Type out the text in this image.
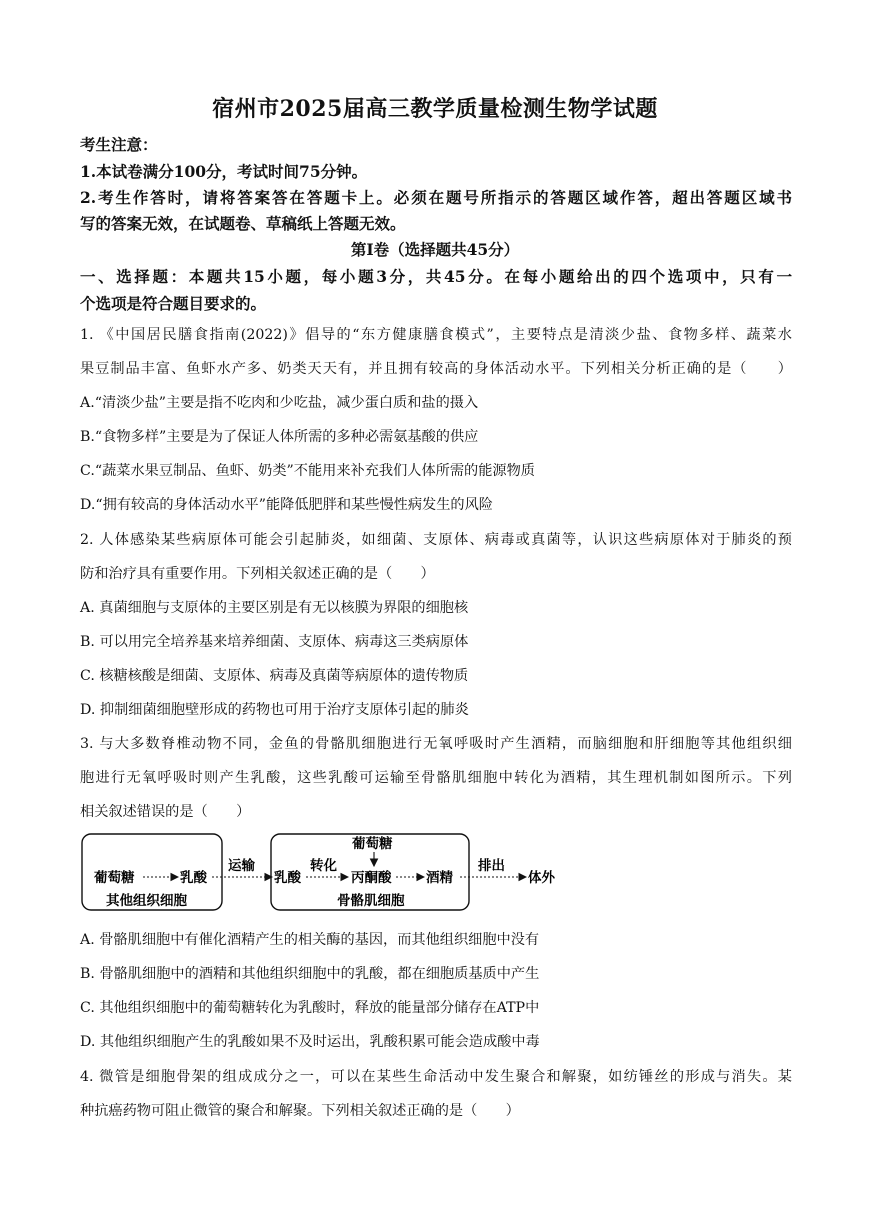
宿州市2025届高三教学质量检测生物学试题
考生注意：
1.本试卷满分100分，考试时间75分钟。
2.考生作答时，请将答案答在答题卡上。必须在题号所指示的答题区域作答，超出答题区域书
写的答案无效，在试题卷、草稿纸上答题无效。
第I卷（选择题共45分）
一、选择题：本题共15小题，每小题3分，共45分。在每小题给出的四个选项中，只有一
个选项是符合题目要求的。
1. 《中国居民膳食指南(2022)》倡导的“东方健康膳食模式”，主要特点是清淡少盐、食物多样、蔬菜水
果豆制品丰富、鱼虾水产多、奶类天天有，并且拥有较高的身体活动水平。下列相关分析正确的是（　　）
A.“清淡少盐”主要是指不吃肉和少吃盐，减少蛋白质和盐的摄入
B.“食物多样”主要是为了保证人体所需的多种必需氨基酸的供应
C.“蔬菜水果豆制品、鱼虾、奶类”不能用来补充我们人体所需的能源物质
D.“拥有较高的身体活动水平”能降低肥胖和某些慢性病发生的风险
2. 人体感染某些病原体可能会引起肺炎，如细菌、支原体、病毒或真菌等，认识这些病原体对于肺炎的预
防和治疗具有重要作用。下列相关叙述正确的是（　　）
A. 真菌细胞与支原体的主要区别是有无以核膜为界限的细胞核
B. 可以用完全培养基来培养细菌、支原体、病毒这三类病原体
C. 核糖核酸是细菌、支原体、病毒及真菌等病原体的遗传物质
D. 抑制细菌细胞壁形成的药物也可用于治疗支原体引起的肺炎
3. 与大多数脊椎动物不同，金鱼的骨骼肌细胞进行无氧呼吸时产生酒精，而脑细胞和肝细胞等其他组织细
胞进行无氧呼吸时则产生乳酸，这些乳酸可运输至骨骼肌细胞中转化为酒精，其生理机制如图所示。下列
相关叙述错误的是（　　）
葡萄糖	乳酸
其他组织细胞
运输
乳酸
转化
葡萄糖
丙酮酸	酒精
骨骼肌细胞
排出
体外
A. 骨骼肌细胞中有催化酒精产生的相关酶的基因，而其他组织细胞中没有
B. 骨骼肌细胞中的酒精和其他组织细胞中的乳酸，都在细胞质基质中产生
C. 其他组织细胞中的葡萄糖转化为乳酸时，释放的能量部分储存在ATP中
D. 其他组织细胞产生的乳酸如果不及时运出，乳酸积累可能会造成酸中毒
4. 微管是细胞骨架的组成成分之一，可以在某些生命活动中发生聚合和解聚，如纺锤丝的形成与消失。某
种抗癌药物可阻止微管的聚合和解聚。下列相关叙述正确的是（　　）
